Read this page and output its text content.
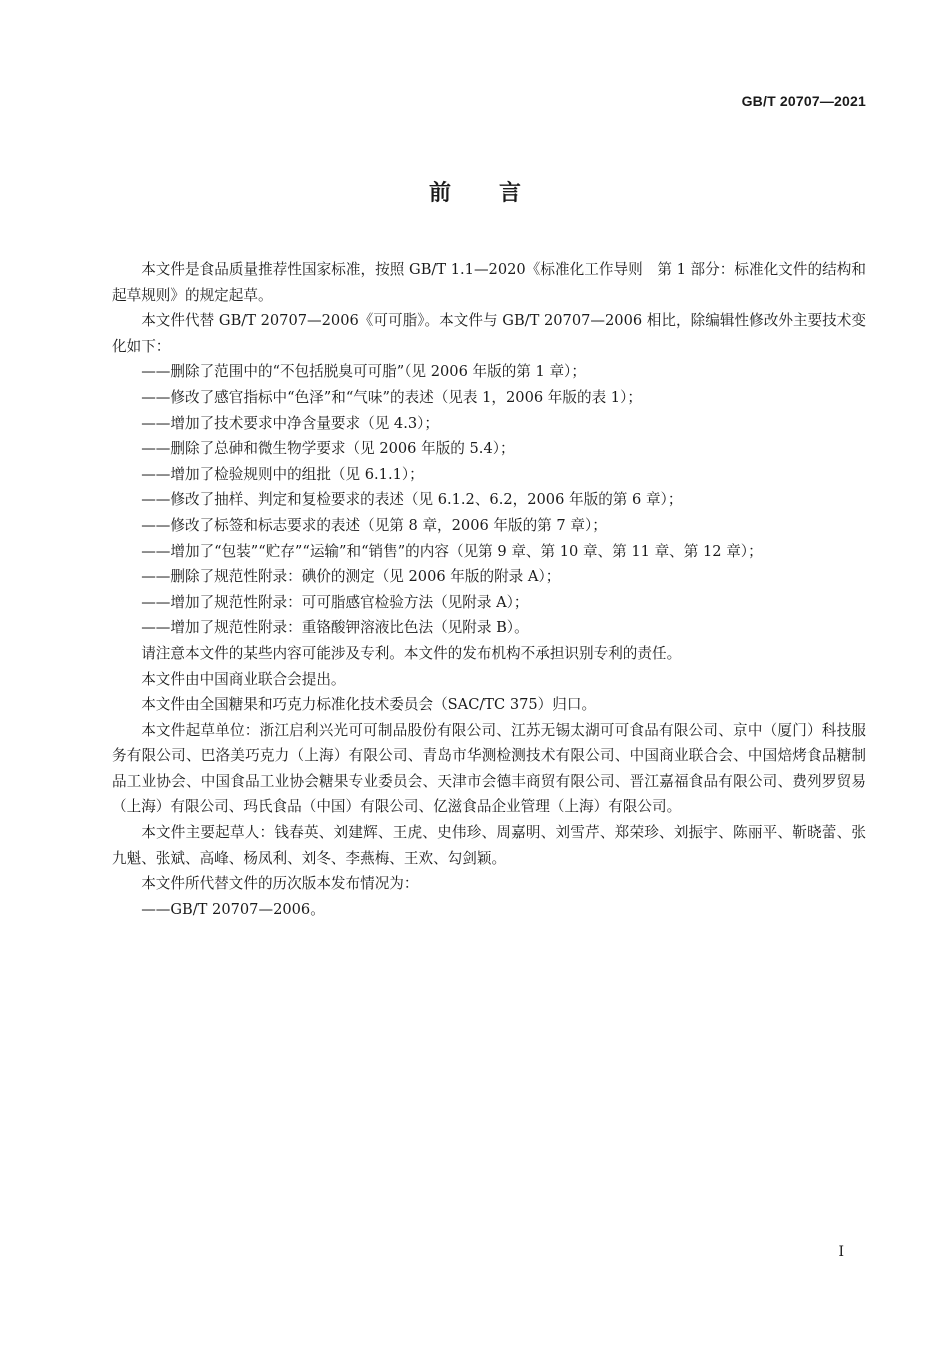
GB/T 20707—2021
前言

本文件是食品质量推荐性国家标准，按照 GB/T 1.1—2020《标准化工作导则　第 1 部分：标准化文件的结构和起草规则》的规定起草。

本文件代替 GB/T 20707—2006《可可脂》。本文件与 GB/T 20707—2006 相比，除编辑性修改外主要技术变化如下：

——删除了范围中的“不包括脱臭可可脂”（见 2006 年版的第 1 章）；

——修改了感官指标中“色泽”和“气味”的表述（见表 1，2006 年版的表 1）；

——增加了技术要求中净含量要求（见 4.3）；

——删除了总砷和微生物学要求（见 2006 年版的 5.4）；

——增加了检验规则中的组批（见 6.1.1）；

——修改了抽样、判定和复检要求的表述（见 6.1.2、6.2，2006 年版的第 6 章）；

——修改了标签和标志要求的表述（见第 8 章，2006 年版的第 7 章）；

——增加了“包装”“贮存”“运输”和“销售”的内容（见第 9 章、第 10 章、第 11 章、第 12 章）；

——删除了规范性附录：碘价的测定（见 2006 年版的附录 A）；

——增加了规范性附录：可可脂感官检验方法（见附录 A）；

——增加了规范性附录：重铬酸钾溶液比色法（见附录 B）。

请注意本文件的某些内容可能涉及专利。本文件的发布机构不承担识别专利的责任。

本文件由中国商业联合会提出。

本文件由全国糖果和巧克力标准化技术委员会（SAC/TC 375）归口。

本文件起草单位：浙江启利兴光可可制品股份有限公司、江苏无锡太湖可可食品有限公司、京中（厦门）科技服务有限公司、巴洛美巧克力（上海）有限公司、青岛市华测检测技术有限公司、中国商业联合会、中国焙烤食品糖制品工业协会、中国食品工业协会糖果专业委员会、天津市会德丰商贸有限公司、晋江嘉福食品有限公司、费列罗贸易（上海）有限公司、玛氏食品（中国）有限公司、亿滋食品企业管理（上海）有限公司。

本文件主要起草人：钱春英、刘建辉、王虎、史伟珍、周嘉明、刘雪芹、郑荣珍、刘振宇、陈丽平、靳晓蕾、张九魁、张斌、高峰、杨凤利、刘冬、李燕梅、王欢、勾剑颖。

本文件所代替文件的历次版本发布情况为：

——GB/T 20707—2006。

I
